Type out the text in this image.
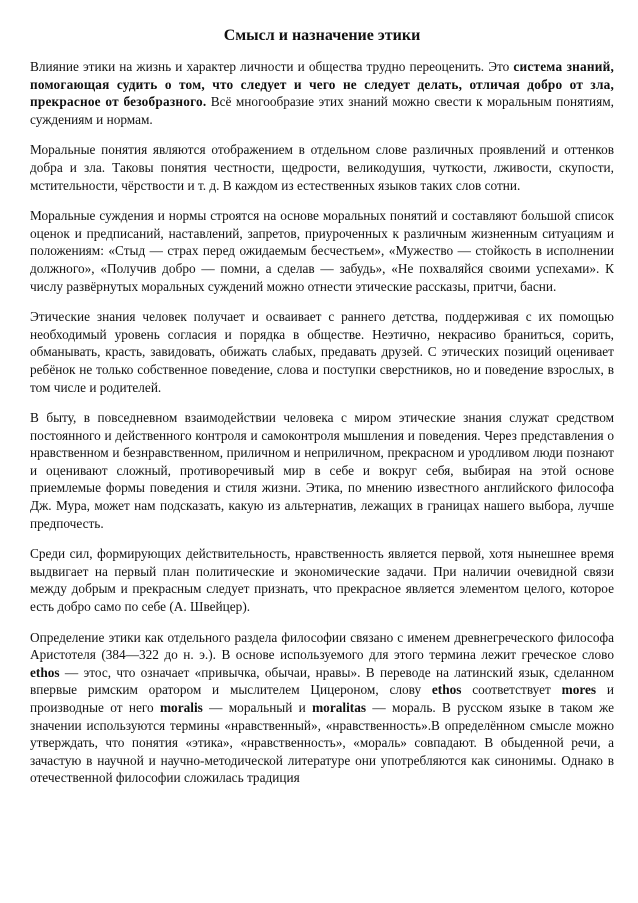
Смысл и назначение этики

Влияние этики на жизнь и характер личности и общества трудно переоценить. Это система знаний, помогающая судить о том, что следует и чего не следует делать, отличая добро от зла, прекрасное от безобразного. Всё многообразие этих знаний можно свести к моральным понятиям, суждениям и нормам.

Моральные понятия являются отображением в отдельном слове различных проявлений и оттенков добра и зла. Таковы понятия честности, щедрости, великодушия, чуткости, лживости, скупости, мстительности, чёрствости и т. д. В каждом из естественных языков таких слов сотни.

Моральные суждения и нормы строятся на основе моральных понятий и составляют большой список оценок и предписаний, наставлений, запретов, приуроченных к различным жизненным ситуациям и положениям: «Стыд — страх перед ожидаемым бесчестьем», «Мужество — стойкость в исполнении должного», «Получив добро — помни, а сделав — забудь», «Не похваляйся своими успехами». К числу развёрнутых моральных суждений можно отнести этические рассказы, притчи, басни.

Этические знания человек получает и осваивает с раннего детства, поддерживая с их помощью необходимый уровень согласия и порядка в обществе. Неэтично, некрасиво браниться, сорить, обманывать, красть, завидовать, обижать слабых, предавать друзей. С этических позиций оценивает ребёнок не только собственное поведение, слова и поступки сверстников, но и поведение взрослых, в том числе и родителей.

В быту, в повседневном взаимодействии человека с миром этические знания служат средством постоянного и действенного контроля и самоконтроля мышления и поведения. Через представления о нравственном и безнравственном, приличном и неприличном, прекрасном и уродливом люди познают и оценивают сложный, противоречивый мир в себе и вокруг себя, выбирая на этой основе приемлемые формы поведения и стиля жизни. Этика, по мнению известного английского философа Дж. Мура, может нам подсказать, какую из альтернатив, лежащих в границах нашего выбора, лучше предпочесть.

Среди сил, формирующих действительность, нравственность является первой, хотя нынешнее время выдвигает на первый план политические и экономические задачи. При наличии очевидной связи между добрым и прекрасным следует признать, что прекрасное является элементом целого, которое есть добро само по себе (А. Швейцер).

Определение этики как отдельного раздела философии связано с именем древнегреческого философа Аристотеля (384—322 до н. э.). В основе используемого для этого термина лежит греческое слово ethos — этос, что означает «привычка, обычаи, нравы». В переводе на латинский язык, сделанном впервые римским оратором и мыслителем Цицероном, слову ethos соответствует mores и производные от него moralis — моральный и moralitas — мораль. В русском языке в таком же значении используются термины «нравственный», «нравственность».В определённом смысле можно утверждать, что понятия «этика», «нравственность», «мораль» совпадают. В обыденной речи, а зачастую в научной и научно-методической литературе они употребляются как синонимы. Однако в отечественной философии сложилась традиция
